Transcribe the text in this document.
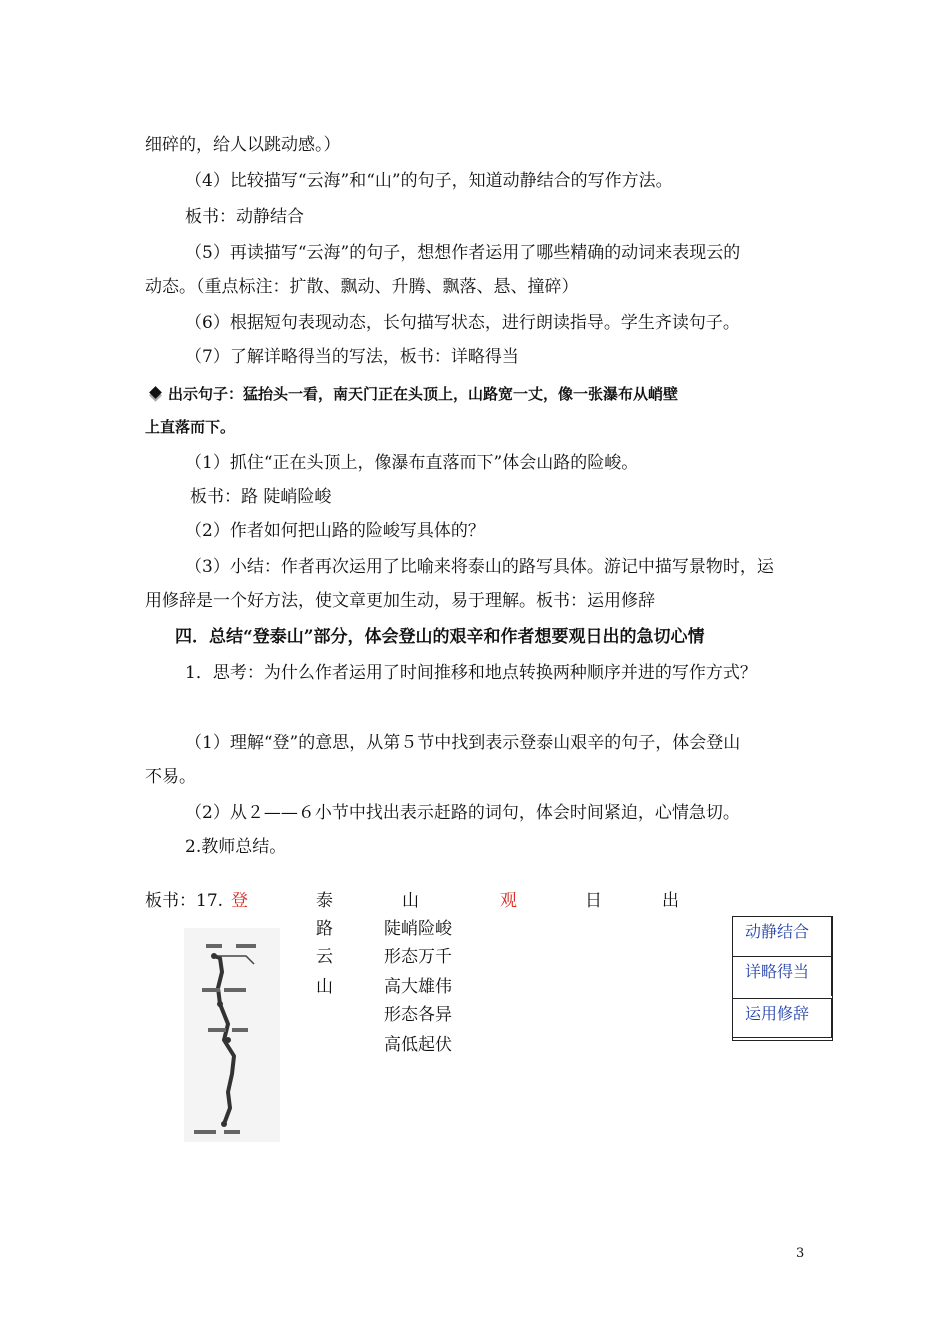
细碎的，给人以跳动感。）
（4）比较描写“云海”和“山”的句子，知道动静结合的写作方法。
板书：动静结合
（5）再读描写“云海”的句子，想想作者运用了哪些精确的动词来表现云的
动态。（重点标注：扩散、飘动、升腾、飘落、悬、撞碎）
（6）根据短句表现动态，长句描写状态，进行朗读指导。学生齐读句子。
（7）了解详略得当的写法，板书：详略得当
出示句子：猛抬头一看，南天门正在头顶上，山路宽一丈，像一张瀑布从峭壁
上直落而下。
（1）抓住“正在头顶上，像瀑布直落而下”体会山路的险峻。
板书：路 陡峭险峻
（2）作者如何把山路的险峻写具体的？
（3）小结：作者再次运用了比喻来将泰山的路写具体。游记中描写景物时，运
用修辞是一个好方法，使文章更加生动，易于理解。板书：运用修辞
四．总结“登泰山”部分，体会登山的艰辛和作者想要观日出的急切心情
1．思考：为什么作者运用了时间推移和地点转换两种顺序并进的写作方式？
（1）理解“登”的意思，从第５节中找到表示登泰山艰辛的句子，体会登山
不易。
（2）从２——６小节中找出表示赶路的词句，体会时间紧迫，心情急切。
2.教师总结。
板书：17. 登	泰	山	观	日	出
路
云
山
陡峭险峻
形态万千
高大雄伟
形态各异
高低起伏
动静结合
详略得当
运用修辞
3
